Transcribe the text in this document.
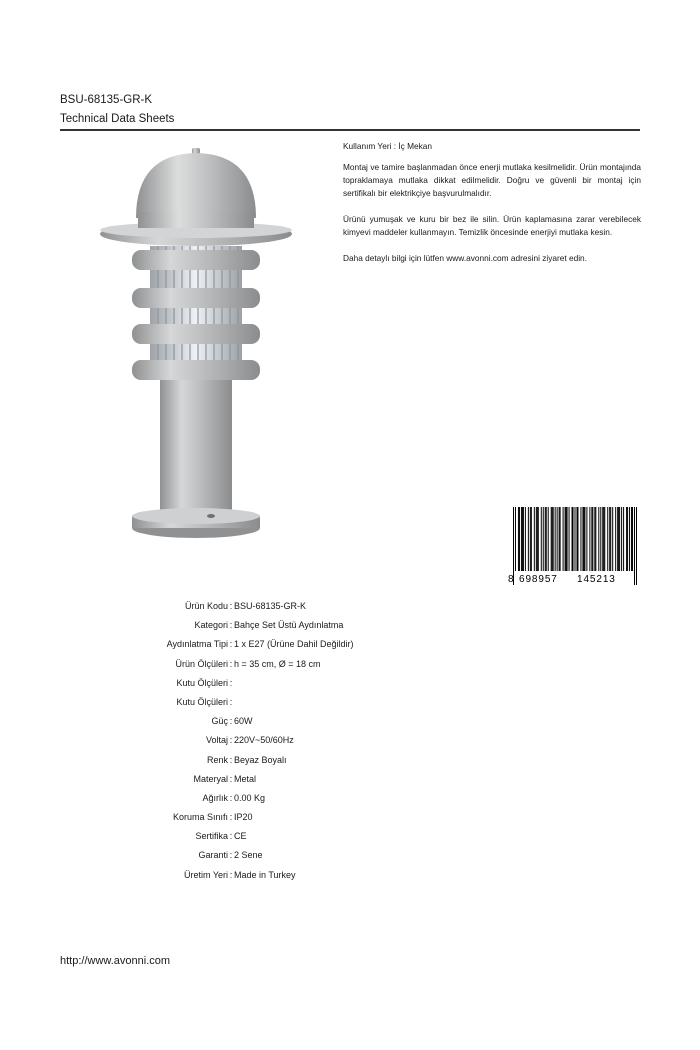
BSU-68135-GR-K
Technical Data Sheets

Kullanım Yeri : İç Mekan

Montaj ve tamire başlanmadan önce enerji mutlaka kesilmelidir. Ürün montajında topraklamaya mutlaka dikkat edilmelidir. Doğru ve güvenli bir montaj için sertifikalı bir elektrikçiye başvurulmalıdır.

Ürünü yumuşak ve kuru bir bez ile silin. Ürün kaplamasına zarar verebilecek kimyevi maddeler kullanmayın. Temizlik öncesinde enerjiyi mutlaka kesin.

Daha detaylı bilgi için lütfen www.avonni.com adresini ziyaret edin.

8 698957 145213
Ürün Kodu : BSU-68135-GR-K
Kategori : Bahçe Set Üstü Aydınlatma
Aydınlatma Tipi : 1 x E27 (Ürüne Dahil Değildir)
Ürün Ölçüleri : h = 35 cm, Ø = 18 cm
Kutu Ölçüleri :
Kutu Ölçüleri :
Güç : 60W
Voltaj : 220V~50/60Hz
Renk : Beyaz Boyalı
Materyal : Metal
Ağırlık : 0.00 Kg
Koruma Sınıfı : IP20
Sertifika : CE
Garanti : 2 Sene
Üretim Yeri : Made in Turkey
http://www.avonni.com
